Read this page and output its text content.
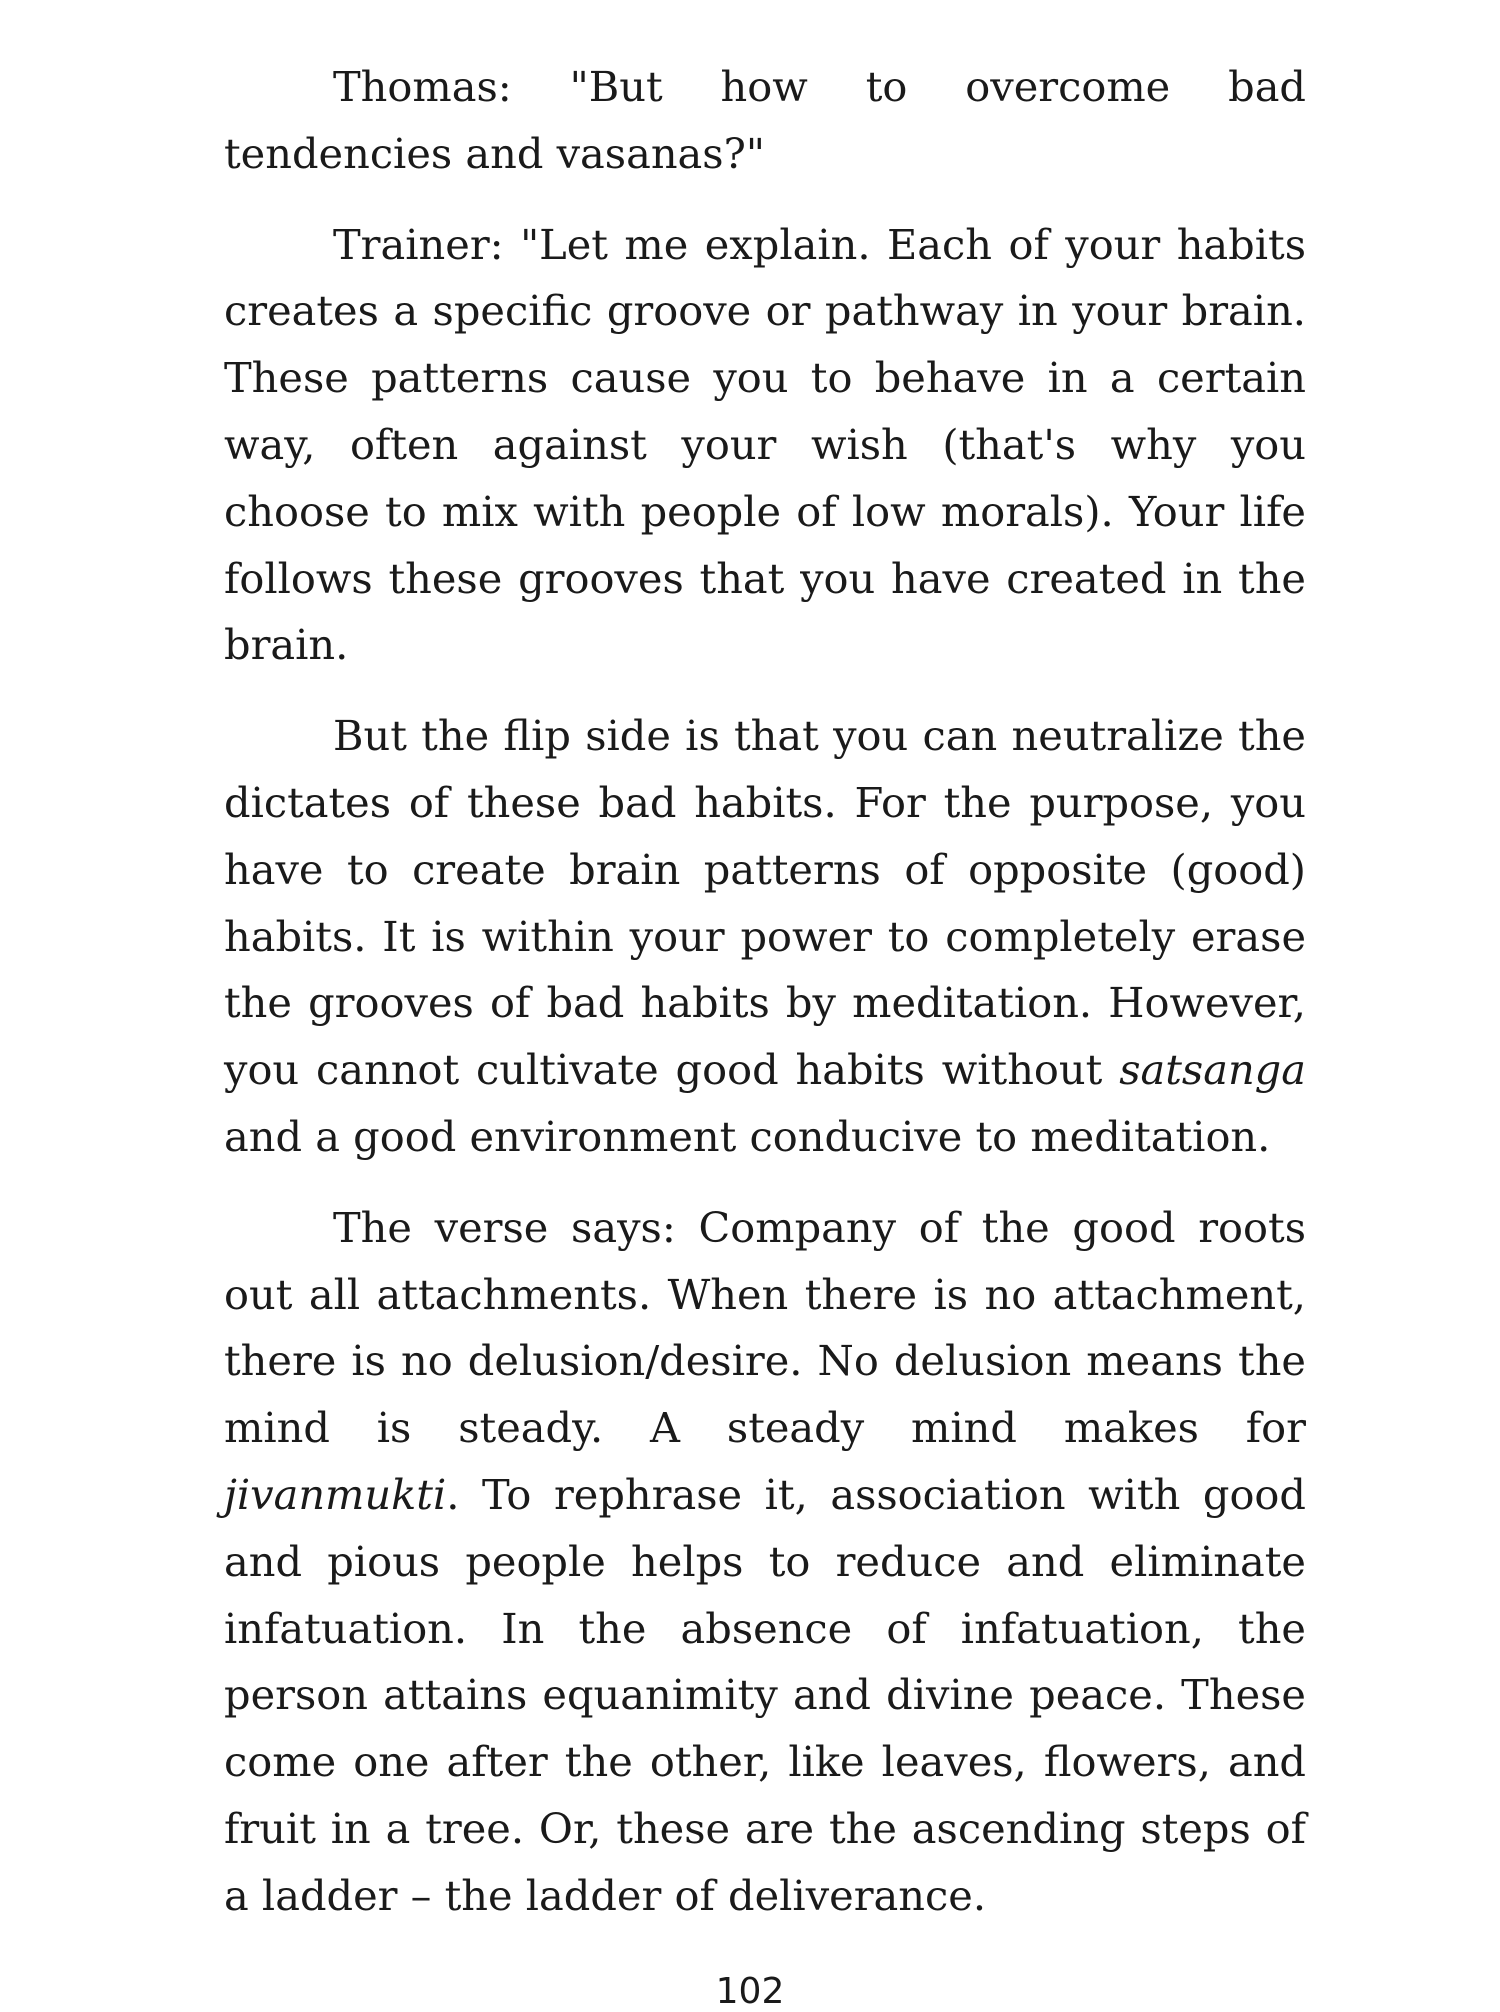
Thomas: "But how to overcome bad tendencies and vasanas?"

Trainer: "Let me explain. Each of your habits creates a specific groove or pathway in your brain. These patterns cause you to behave in a certain way, often against your wish (that's why you choose to mix with people of low morals). Your life follows these grooves that you have created in the brain.

But the flip side is that you can neutralize the dictates of these bad habits. For the purpose, you have to create brain patterns of opposite (good) habits. It is within your power to completely erase the grooves of bad habits by meditation. However, you cannot cultivate good habits without satsanga and a good environment conducive to meditation.

The verse says: Company of the good roots out all attachments. When there is no attachment, there is no delusion/desire. No delusion means the mind is steady. A steady mind makes for jivanmukti. To rephrase it, association with good and pious people helps to reduce and eliminate infatuation. In the absence of infatuation, the person attains equanimity and divine peace. These come one after the other, like leaves, flowers, and fruit in a tree. Or, these are the ascending steps of a ladder – the ladder of deliverance.

102
